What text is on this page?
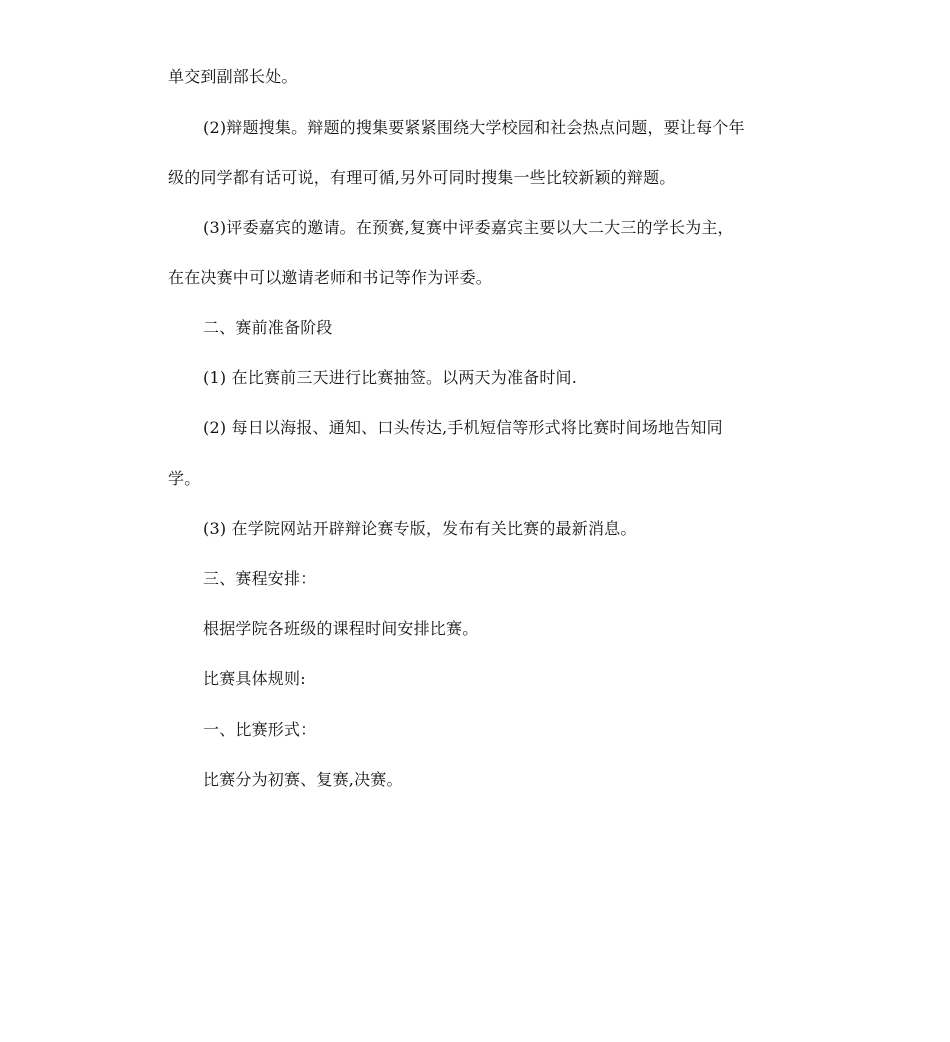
单交到副部长处。
(2)辩题搜集。辩题的搜集要紧紧围绕大学校园和社会热点问题，要让每个年
级的同学都有话可说，有理可循,另外可同时搜集一些比较新颖的辩题。
(3)评委嘉宾的邀请。在预赛,复赛中评委嘉宾主要以大二大三的学长为主，
在在决赛中可以邀请老师和书记等作为评委。
二、赛前准备阶段
(1) 在比赛前三天进行比赛抽签。以两天为准备时间.
(2) 每日以海报、通知、口头传达,手机短信等形式将比赛时间场地告知同
学。
(3) 在学院网站开辟辩论赛专版，发布有关比赛的最新消息。
三、赛程安排：
根据学院各班级的课程时间安排比赛。
比赛具体规则:
一、比赛形式：
比赛分为初赛、复赛,决赛。
